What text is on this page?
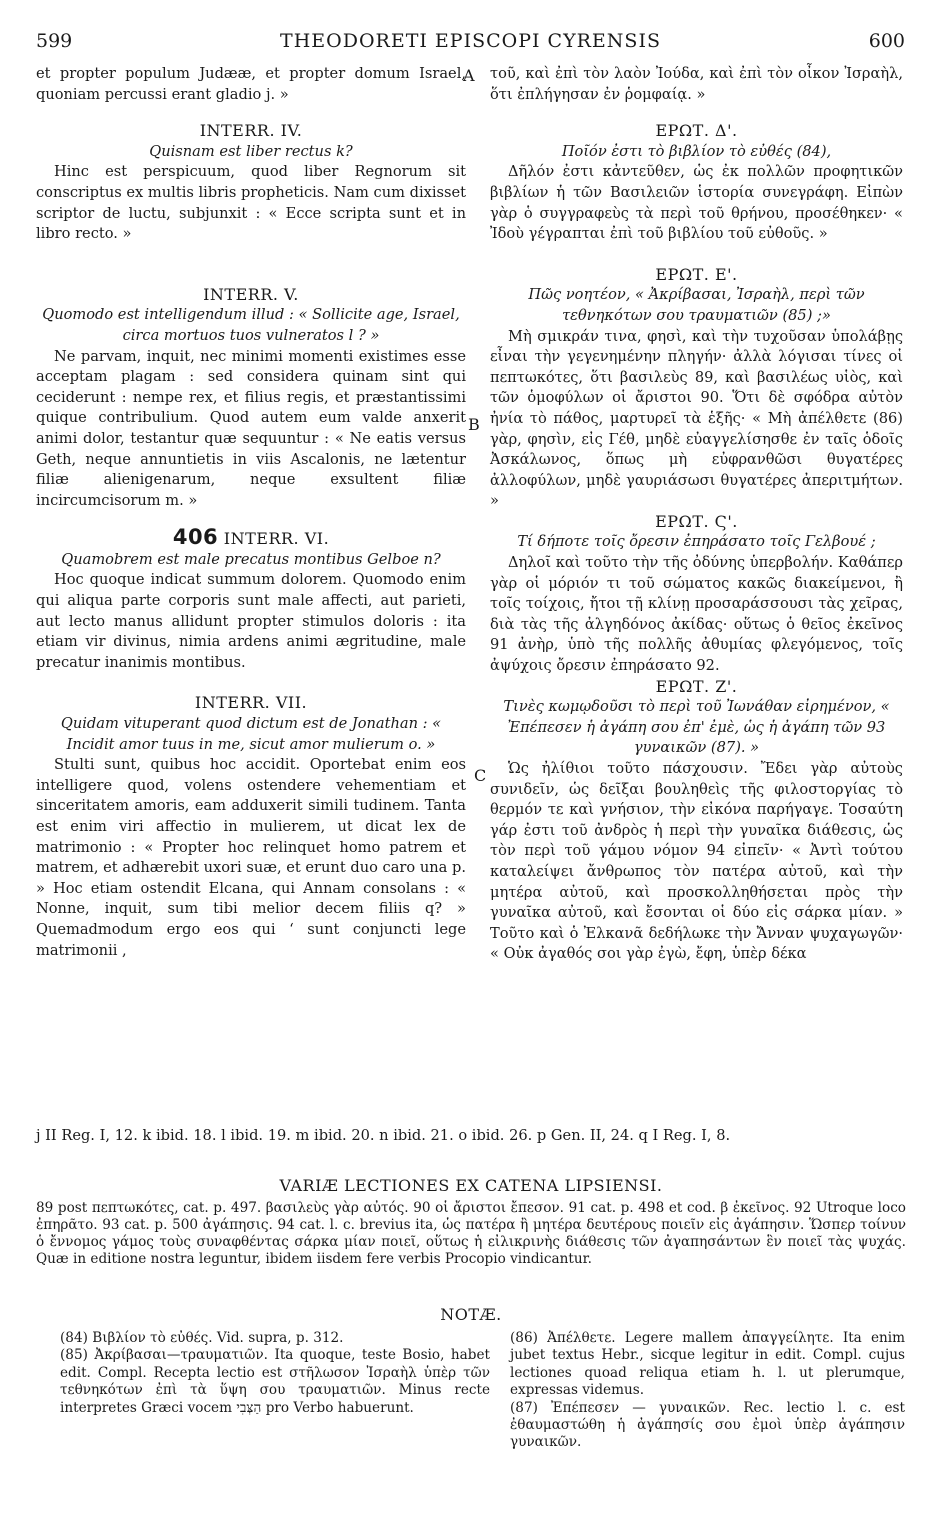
599	THEODORETI EPISCOPI CYRENSIS	600
A
B
C

et propter populum Judææ, et propter domum Israel, quoniam percussi erant gladio j. »

INTERR. IV.

Quisnam est liber rectus k?

Hinc est perspicuum, quod liber Regnorum sit conscriptus ex multis libris propheticis. Nam cum dixisset scriptor de luctu, subjunxit : « Ecce scripta sunt et in libro recto. »

INTERR. V.

Quomodo est intelligendum illud : « Sollicite age, Israel, circa mortuos tuos vulneratos l ? »

Ne parvam, inquit, nec minimi momenti existimes esse acceptam plagam : sed considera quinam sint qui ceciderunt : nempe rex, et filius regis, et præstantissimi quique contribulium. Quod autem eum valde anxerit animi dolor, testantur quæ sequuntur : « Ne eatis versus Geth, neque annuntietis in viis Ascalonis, ne lætentur filiæ alienigenarum, neque exsultent filiæ incircumcisorum m. »

406 INTERR. VI.

Quamobrem est male precatus montibus Gelboe n?

Hoc quoque indicat summum dolorem. Quomodo enim qui aliqua parte corporis sunt male affecti, aut parieti, aut lecto manus allidunt propter stimulos doloris : ita etiam vir divinus, nimia ardens animi ægritudine, male precatur inanimis montibus.

INTERR. VII.

Quidam vituperant quod dictum est de Jonathan : « Incidit amor tuus in me, sicut amor mulierum o. »

Stulti sunt, quibus hoc accidit. Oportebat enim eos intelligere quod, volens ostendere vehementiam et sinceritatem amoris, eam adduxerit simili tudinem. Tanta est enim viri affectio in mulierem, ut dicat lex de matrimonio : « Propter hoc relinquet homo patrem et matrem, et adhærebit uxori suæ, et erunt duo caro una p. » Hoc etiam ostendit Elcana, qui Annam consolans : « Nonne, inquit, sum tibi melior decem filiis q? » Quemadmodum ergo eos qui ‘ sunt conjuncti lege matrimonii ,

τοῦ, καὶ ἐπὶ τὸν λαὸν Ἰούδα, καὶ ἐπὶ τὸν οἶκον Ἰσραὴλ, ὅτι ἐπλήγησαν ἐν ῥομφαίᾳ. »

ΕΡΩΤ. Δ'.

Ποῖόν ἐστι τὸ βιβλίον τὸ εὐθές (84),

Δῆλόν ἐστι κἀντεῦθεν, ὡς ἐκ πολλῶν προφητικῶν βιβλίων ἡ τῶν Βασιλειῶν ἱστορία συνεγράφη. Εἰπὼν γὰρ ὁ συγγραφεὺς τὰ περὶ τοῦ θρήνου, προσέθηκεν· « Ἰδοὺ γέγραπται ἐπὶ τοῦ βιβλίου τοῦ εὐθοῦς. »

ΕΡΩΤ. Ε'.

Πῶς νοητέον, « Ἀκρίβασαι, Ἰσραὴλ, περὶ τῶν τεθνηκότων σου τραυματιῶν (85) ;»

Μὴ σμικράν τινα, φησὶ, καὶ τὴν τυχοῦσαν ὑπολάβῃς εἶναι τὴν γεγενημένην πληγήν· ἀλλὰ λόγισαι τίνες οἱ πεπτωκότες, ὅτι βασιλεὺς 89, καὶ βασιλέως υἱὸς, καὶ τῶν ὁμοφύλων οἱ ἄριστοι 90. Ὅτι δὲ σφόδρα αὐτὸν ἠνία τὸ πάθος, μαρτυρεῖ τὰ ἑξῆς· « Μὴ ἀπέλθετε (86) γὰρ, φησὶν, εἰς Γέθ, μηδὲ εὐαγγελίσησθε ἐν ταῖς ὁδοῖς Ἀσκάλωνος, ὅπως μὴ εὐφρανθῶσι θυγατέρες ἀλλοφύλων, μηδὲ γαυριάσωσι θυγατέρες ἀπεριτμήτων. »

ΕΡΩΤ. Ϛ'.

Τί δήποτε τοῖς ὄρεσιν ἐπηράσατο τοῖς Γελβουέ ;

Δηλοῖ καὶ τοῦτο τὴν τῆς ὀδύνης ὑπερβολήν. Καθάπερ γὰρ οἱ μόριόν τι τοῦ σώματος κακῶς διακείμενοι, ἢ τοῖς τοίχοις, ἤτοι τῇ κλίνῃ προσαράσσουσι τὰς χεῖρας, διὰ τὰς τῆς ἀλγηδόνος ἀκίδας· οὕτως ὁ θεῖος ἐκεῖνος 91 ἀνὴρ, ὑπὸ τῆς πολλῆς ἀθυμίας φλεγόμενος, τοῖς ἀψύχοις ὄρεσιν ἐπηράσατο 92.

ΕΡΩΤ. Ζ'.

Τινὲς κωμῳδοῦσι τὸ περὶ τοῦ Ἰωνάθαν εἰρημένον, « Ἐπέπεσεν ἡ ἀγάπη σου ἐπ' ἐμὲ, ὡς ἡ ἀγάπη τῶν 93 γυναικῶν (87). »

Ὡς ἠλίθιοι τοῦτο πάσχουσιν. Ἔδει γὰρ αὐτοὺς συνιδεῖν, ὡς δεῖξαι βουληθεὶς τῆς φιλοστοργίας τὸ θερμόν τε καὶ γνήσιον, τὴν εἰκόνα παρήγαγε. Τοσαύτη γάρ ἐστι τοῦ ἀνδρὸς ἡ περὶ τὴν γυναῖκα διάθεσις, ὡς τὸν περὶ τοῦ γάμου νόμον 94 εἰπεῖν· « Ἀντὶ τούτου καταλείψει ἄνθρωπος τὸν πατέρα αὐτοῦ, καὶ τὴν μητέρα αὐτοῦ, καὶ προσκολληθήσεται πρὸς τὴν γυναῖκα αὐτοῦ, καὶ ἔσονται οἱ δύο εἰς σάρκα μίαν. » Τοῦτο καὶ ὁ Ἐλκανᾶ δεδήλωκε τὴν Ἄνναν ψυχαγωγῶν· « Οὐκ ἀγαθός σοι γὰρ ἐγὼ, ἔφη, ὑπὲρ δέκα

j II Reg. I, 12. k ibid. 18. l ibid. 19. m ibid. 20. n ibid. 21. o ibid. 26. p Gen. II, 24. q I Reg. I, 8.
VARIÆ LECTIONES EX CATENA LIPSIENSI.
89 post πεπτωκότες, cat. p. 497. βασιλεὺς γὰρ αὐτός. 90 οἱ ἄριστοι ἔπεσον. 91 cat. p. 498 et cod. β ἐκεῖνος. 92 Utroque loco ἐπηρᾶτο. 93 cat. p. 500 ἀγάπησις. 94 cat. l. c. brevius ita, ὡς πατέρα ἢ μητέρα δευτέρους ποιεῖν εἰς ἀγάπησιν. Ὥσπερ τοίνυν ὁ ἔννομος γάμος τοὺς συναφθέντας σάρκα μίαν ποιεῖ, οὕτως ἡ εἰλικρινὴς διάθεσις τῶν ἀγαπησάντων ἓν ποιεῖ τὰς ψυχάς. Quæ in editione nostra leguntur, ibidem iisdem fere verbis Procopio vindicantur.
NOTÆ.

(84) Βιβλίον τὸ εὐθές. Vid. supra, p. 312.

(85) Ἀκρίβασαι—τραυματιῶν. Ita quoque, teste Bosio, habet edit. Compl. Recepta lectio est στῆλωσον Ἰσραὴλ ὑπὲρ τῶν τεθνηκότων ἐπὶ τὰ ὕψη σου τραυματιῶν. Minus recte interpretes Græci vocem הַצְּבִי pro Verbo habuerunt.

(86) Ἀπέλθετε. Legere mallem ἀπαγγείλητε. Ita enim jubet textus Hebr., sicque legitur in edit. Compl. cujus lectiones quoad reliqua etiam h. l. ut plerumque, expressas videmus.

(87) Ἐπέπεσεν — γυναικῶν. Rec. lectio l. c. est ἐθαυμαστώθη ἡ ἀγάπησίς σου ἐμοὶ ὑπὲρ ἀγάπησιν γυναικῶν.
